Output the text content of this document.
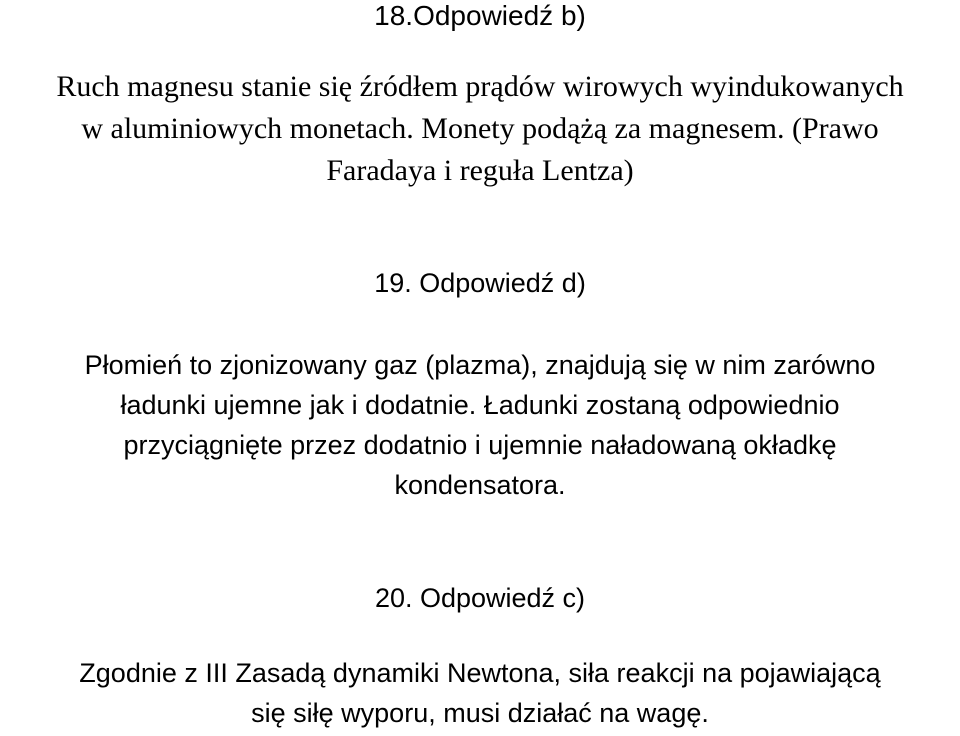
18.Odpowiedź b)
Ruch magnesu stanie się źródłem prądów wirowych wyindukowanych
w aluminiowych monetach. Monety podążą za magnesem. (Prawo
Faradaya i reguła Lentza)
19. Odpowiedź d)
Płomień to zjonizowany gaz (plazma), znajdują się w nim zarówno
ładunki ujemne jak i dodatnie. Ładunki zostaną odpowiednio
przyciągnięte przez dodatnio i ujemnie naładowaną okładkę
kondensatora.
20. Odpowiedź c)
Zgodnie z III Zasadą dynamiki Newtona, siła reakcji na pojawiającą
się siłę wyporu, musi działać na wagę.
